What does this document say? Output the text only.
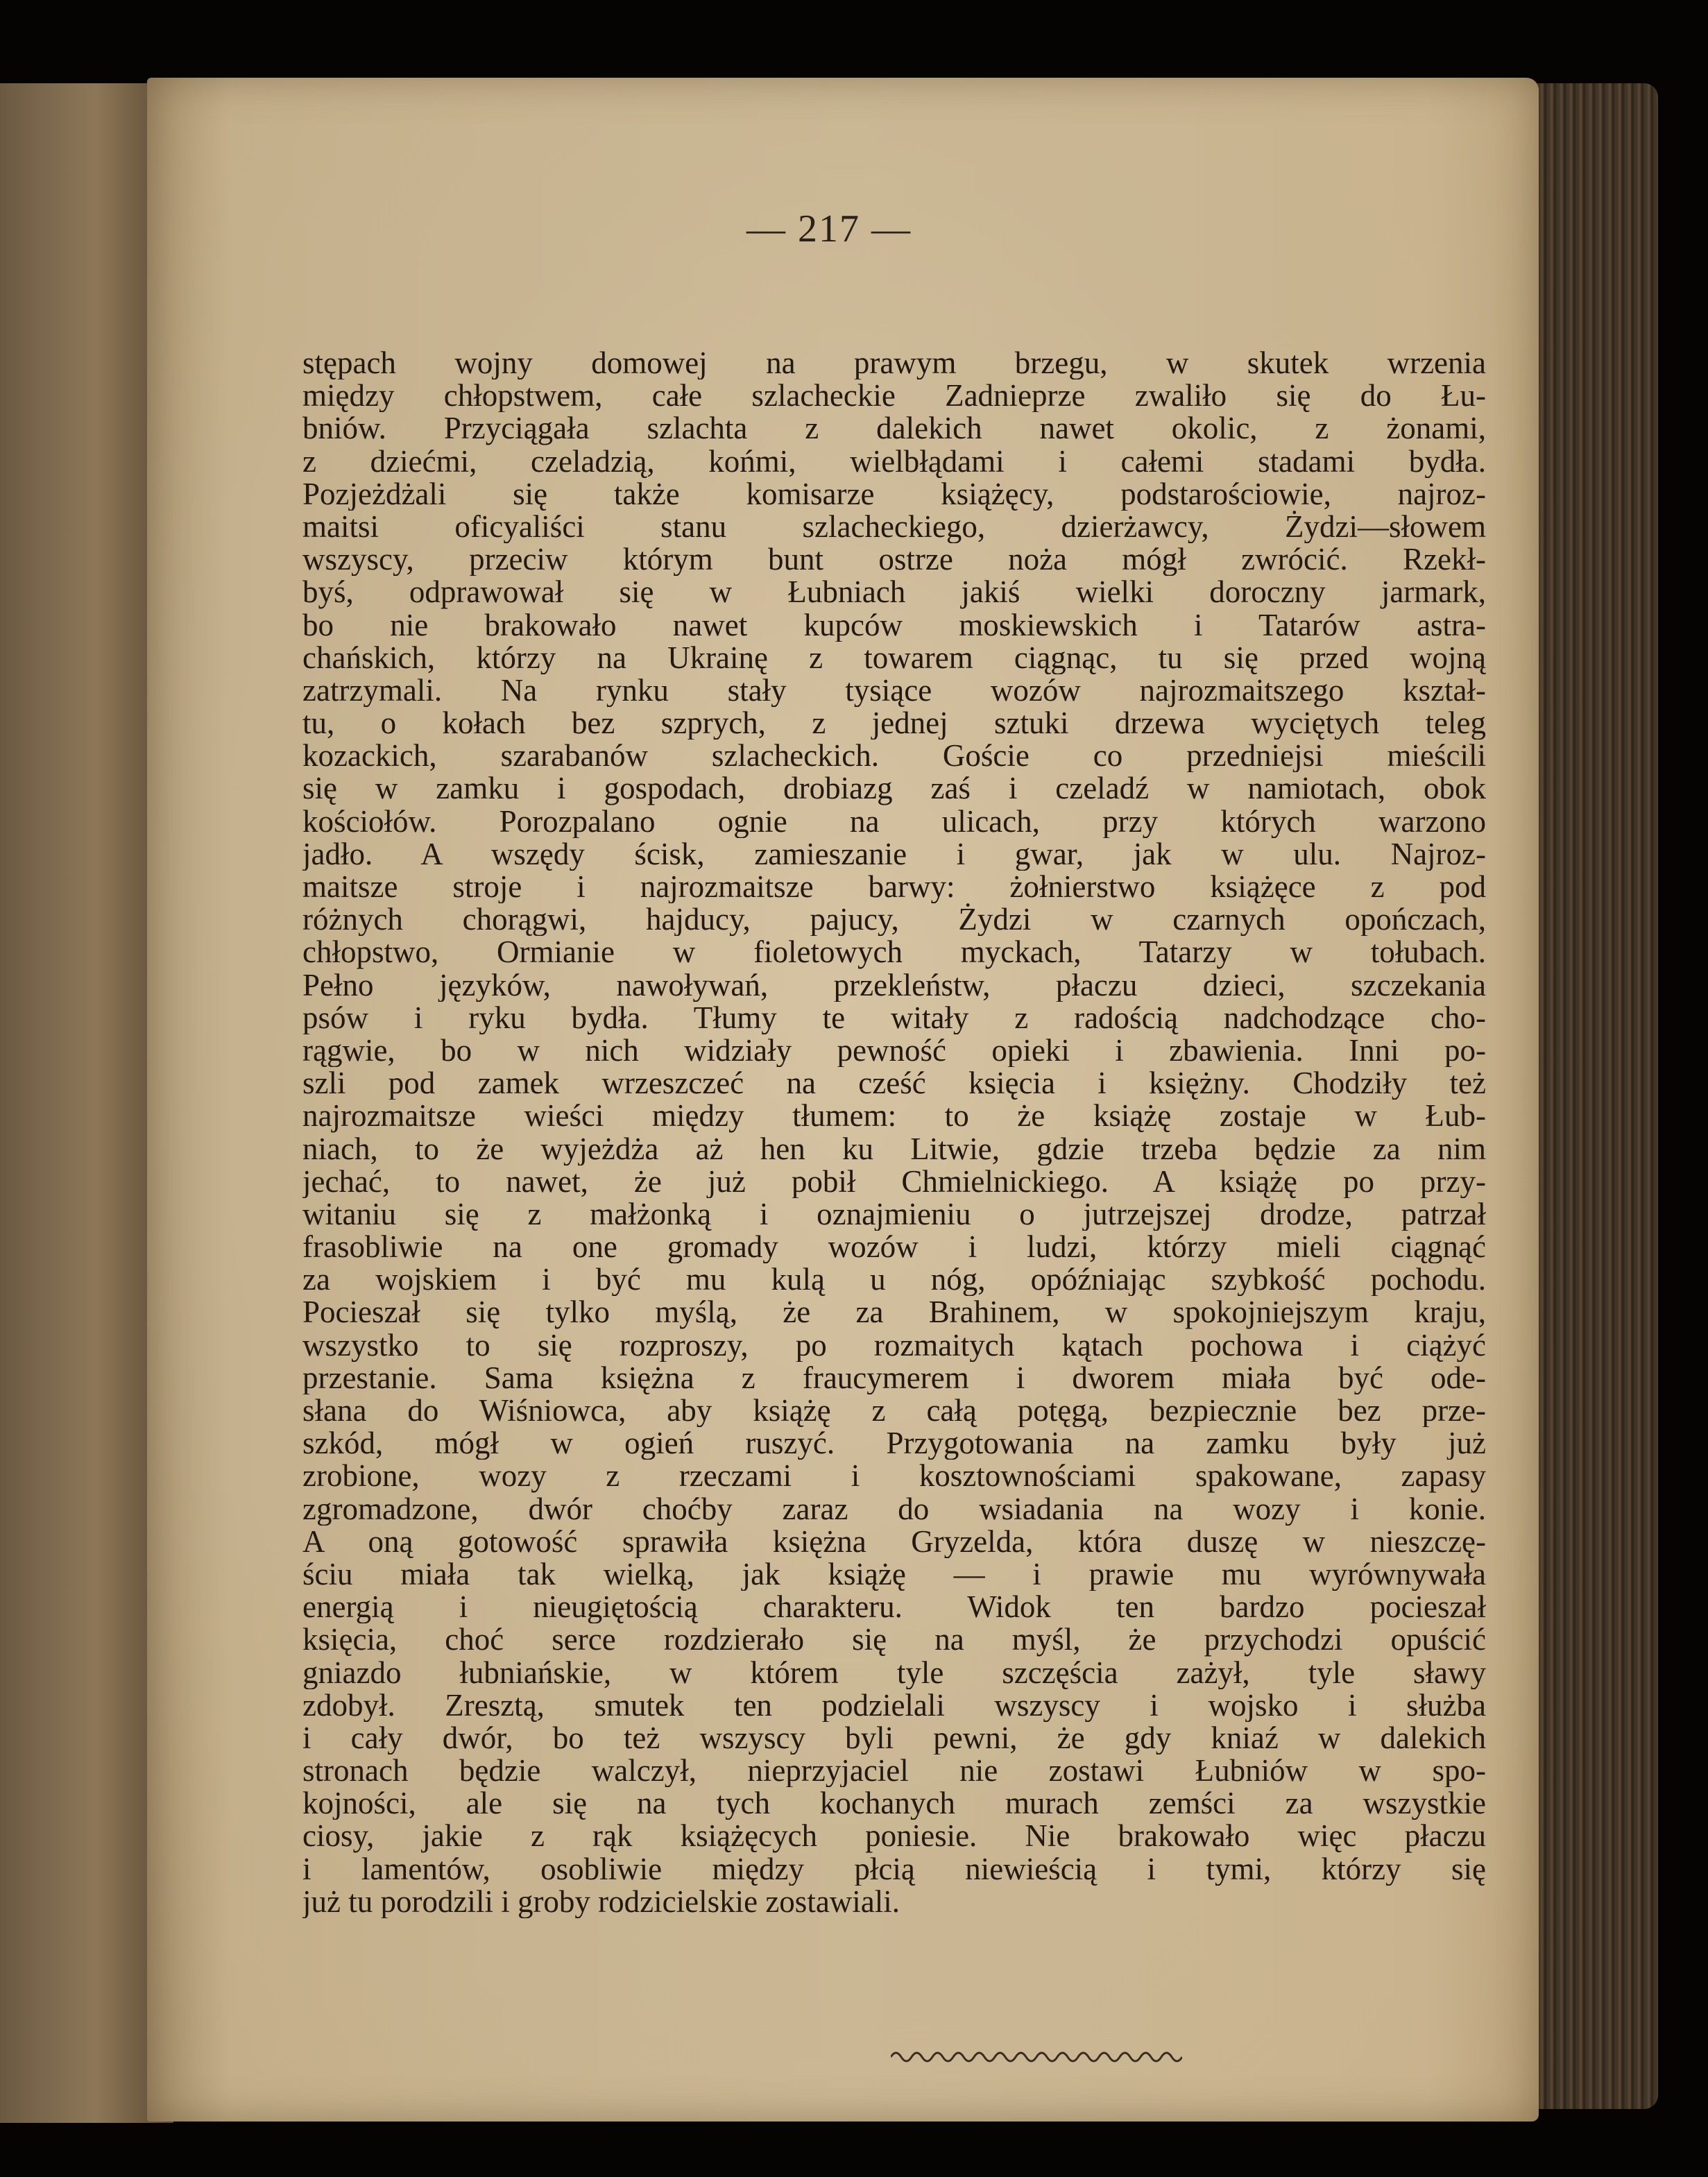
— 217 —
stępach wojny domowej na prawym brzegu, w skutek wrzenia
między chłopstwem, całe szlacheckie Zadnieprze zwaliło się do Łu-
bniów. Przyciągała szlachta z dalekich nawet okolic, z żonami,
z dziećmi, czeladzią, końmi, wielbłądami i całemi stadami bydła.
Pozjeżdżali się także komisarze książęcy, podstarościowie, najroz-
maitsi oficyaliści stanu szlacheckiego, dzierżawcy, Żydzi—słowem
wszyscy, przeciw którym bunt ostrze noża mógł zwrócić. Rzekł-
byś, odprawował się w Łubniach jakiś wielki doroczny jarmark,
bo nie brakowało nawet kupców moskiewskich i Tatarów astra-
chańskich, którzy na Ukrainę z towarem ciągnąc, tu się przed wojną
zatrzymali. Na rynku stały tysiące wozów najrozmaitszego kształ-
tu, o kołach bez szprych, z jednej sztuki drzewa wyciętych teleg
kozackich, szarabanów szlacheckich. Goście co przedniejsi mieścili
się w zamku i gospodach, drobiazg zaś i czeladź w namiotach, obok
kościołów. Porozpalano ognie na ulicach, przy których warzono
jadło. A wszędy ścisk, zamieszanie i gwar, jak w ulu. Najroz-
maitsze stroje i najrozmaitsze barwy: żołnierstwo książęce z pod
różnych chorągwi, hajducy, pajucy, Żydzi w czarnych opończach,
chłopstwo, Ormianie w fioletowych myckach, Tatarzy w tołubach.
Pełno języków, nawoływań, przekleństw, płaczu dzieci, szczekania
psów i ryku bydła. Tłumy te witały z radością nadchodzące cho-
rągwie, bo w nich widziały pewność opieki i zbawienia. Inni po-
szli pod zamek wrzeszczeć na cześć księcia i księżny. Chodziły też
najrozmaitsze wieści między tłumem: to że książę zostaje w Łub-
niach, to że wyjeżdża aż hen ku Litwie, gdzie trzeba będzie za nim
jechać, to nawet, że już pobił Chmielnickiego. A książę po przy-
witaniu się z małżonką i oznajmieniu o jutrzejszej drodze, patrzał
frasobliwie na one gromady wozów i ludzi, którzy mieli ciągnąć
za wojskiem i być mu kulą u nóg, opóźniając szybkość pochodu.
Pocieszał się tylko myślą, że za Brahinem, w spokojniejszym kraju,
wszystko to się rozproszy, po rozmaitych kątach pochowa i ciążyć
przestanie. Sama księżna z fraucymerem i dworem miała być ode-
słana do Wiśniowca, aby książę z całą potęgą, bezpiecznie bez prze-
szkód, mógł w ogień ruszyć. Przygotowania na zamku były już
zrobione, wozy z rzeczami i kosztownościami spakowane, zapasy
zgromadzone, dwór choćby zaraz do wsiadania na wozy i konie.
A oną gotowość sprawiła księżna Gryzelda, która duszę w nieszczę-
ściu miała tak wielką, jak książę — i prawie mu wyrównywała
energią i nieugiętością charakteru. Widok ten bardzo pocieszał
księcia, choć serce rozdzierało się na myśl, że przychodzi opuścić
gniazdo łubniańskie, w którem tyle szczęścia zażył, tyle sławy
zdobył. Zresztą, smutek ten podzielali wszyscy i wojsko i służba
i cały dwór, bo też wszyscy byli pewni, że gdy kniaź w dalekich
stronach będzie walczył, nieprzyjaciel nie zostawi Łubniów w spo-
kojności, ale się na tych kochanych murach zemści za wszystkie
ciosy, jakie z rąk książęcych poniesie. Nie brakowało więc płaczu
i lamentów, osobliwie między płcią niewieścią i tymi, którzy się
już tu porodzili i groby rodzicielskie zostawiali.
